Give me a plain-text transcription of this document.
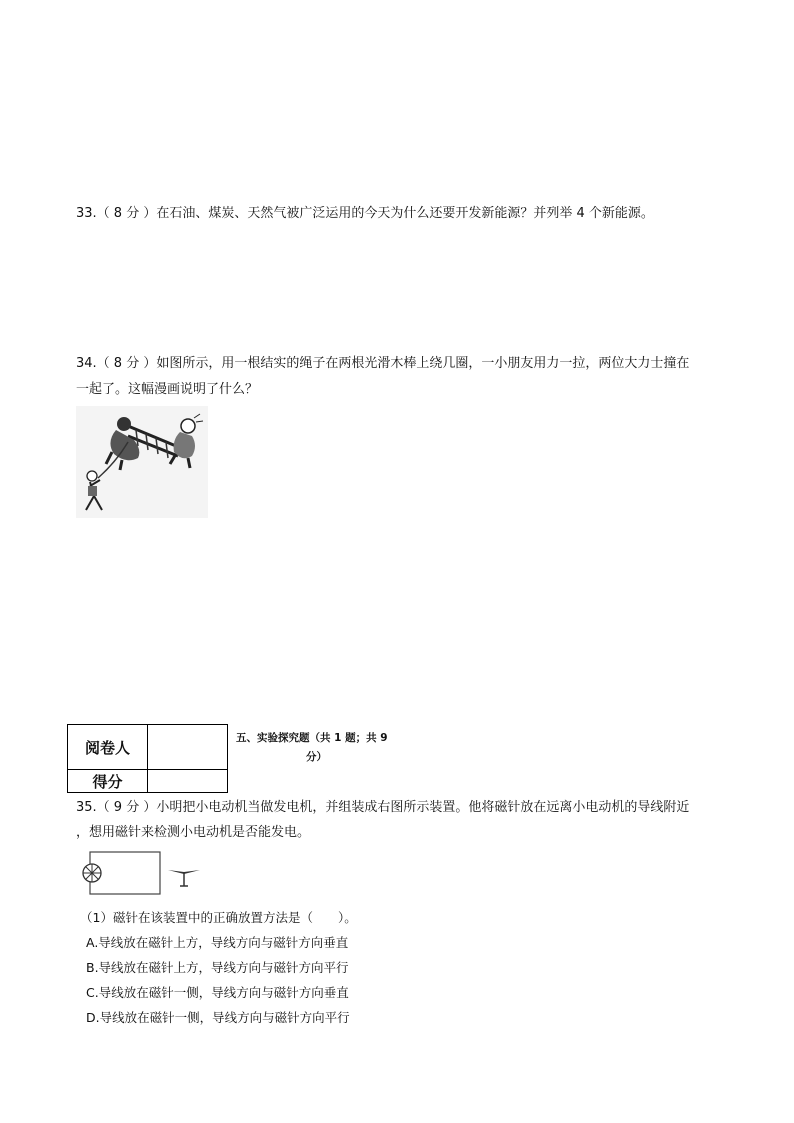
33.（ 8 分 ）在石油、煤炭、天然气被广泛运用的今天为什么还要开发新能源？并列举 4 个新能源。
34.（ 8 分 ）如图所示，用一根结实的绳子在两根光滑木棒上绕几圈，一小朋友用力一拉，两位大力士撞在
一起了。这幅漫画说明了什么？
阅卷人	
得分	
五、实验探究题（共 1 题；共 9
分）
35.（ 9 分 ）小明把小电动机当做发电机，并组装成右图所示装置。他将磁针放在远离小电动机的导线附近
，想用磁针来检测小电动机是否能发电。
（1）磁针在该装置中的正确放置方法是（　　）。
A.导线放在磁针上方，导线方向与磁针方向垂直
B.导线放在磁针上方，导线方向与磁针方向平行
C.导线放在磁针一侧，导线方向与磁针方向垂直
D.导线放在磁针一侧，导线方向与磁针方向平行
